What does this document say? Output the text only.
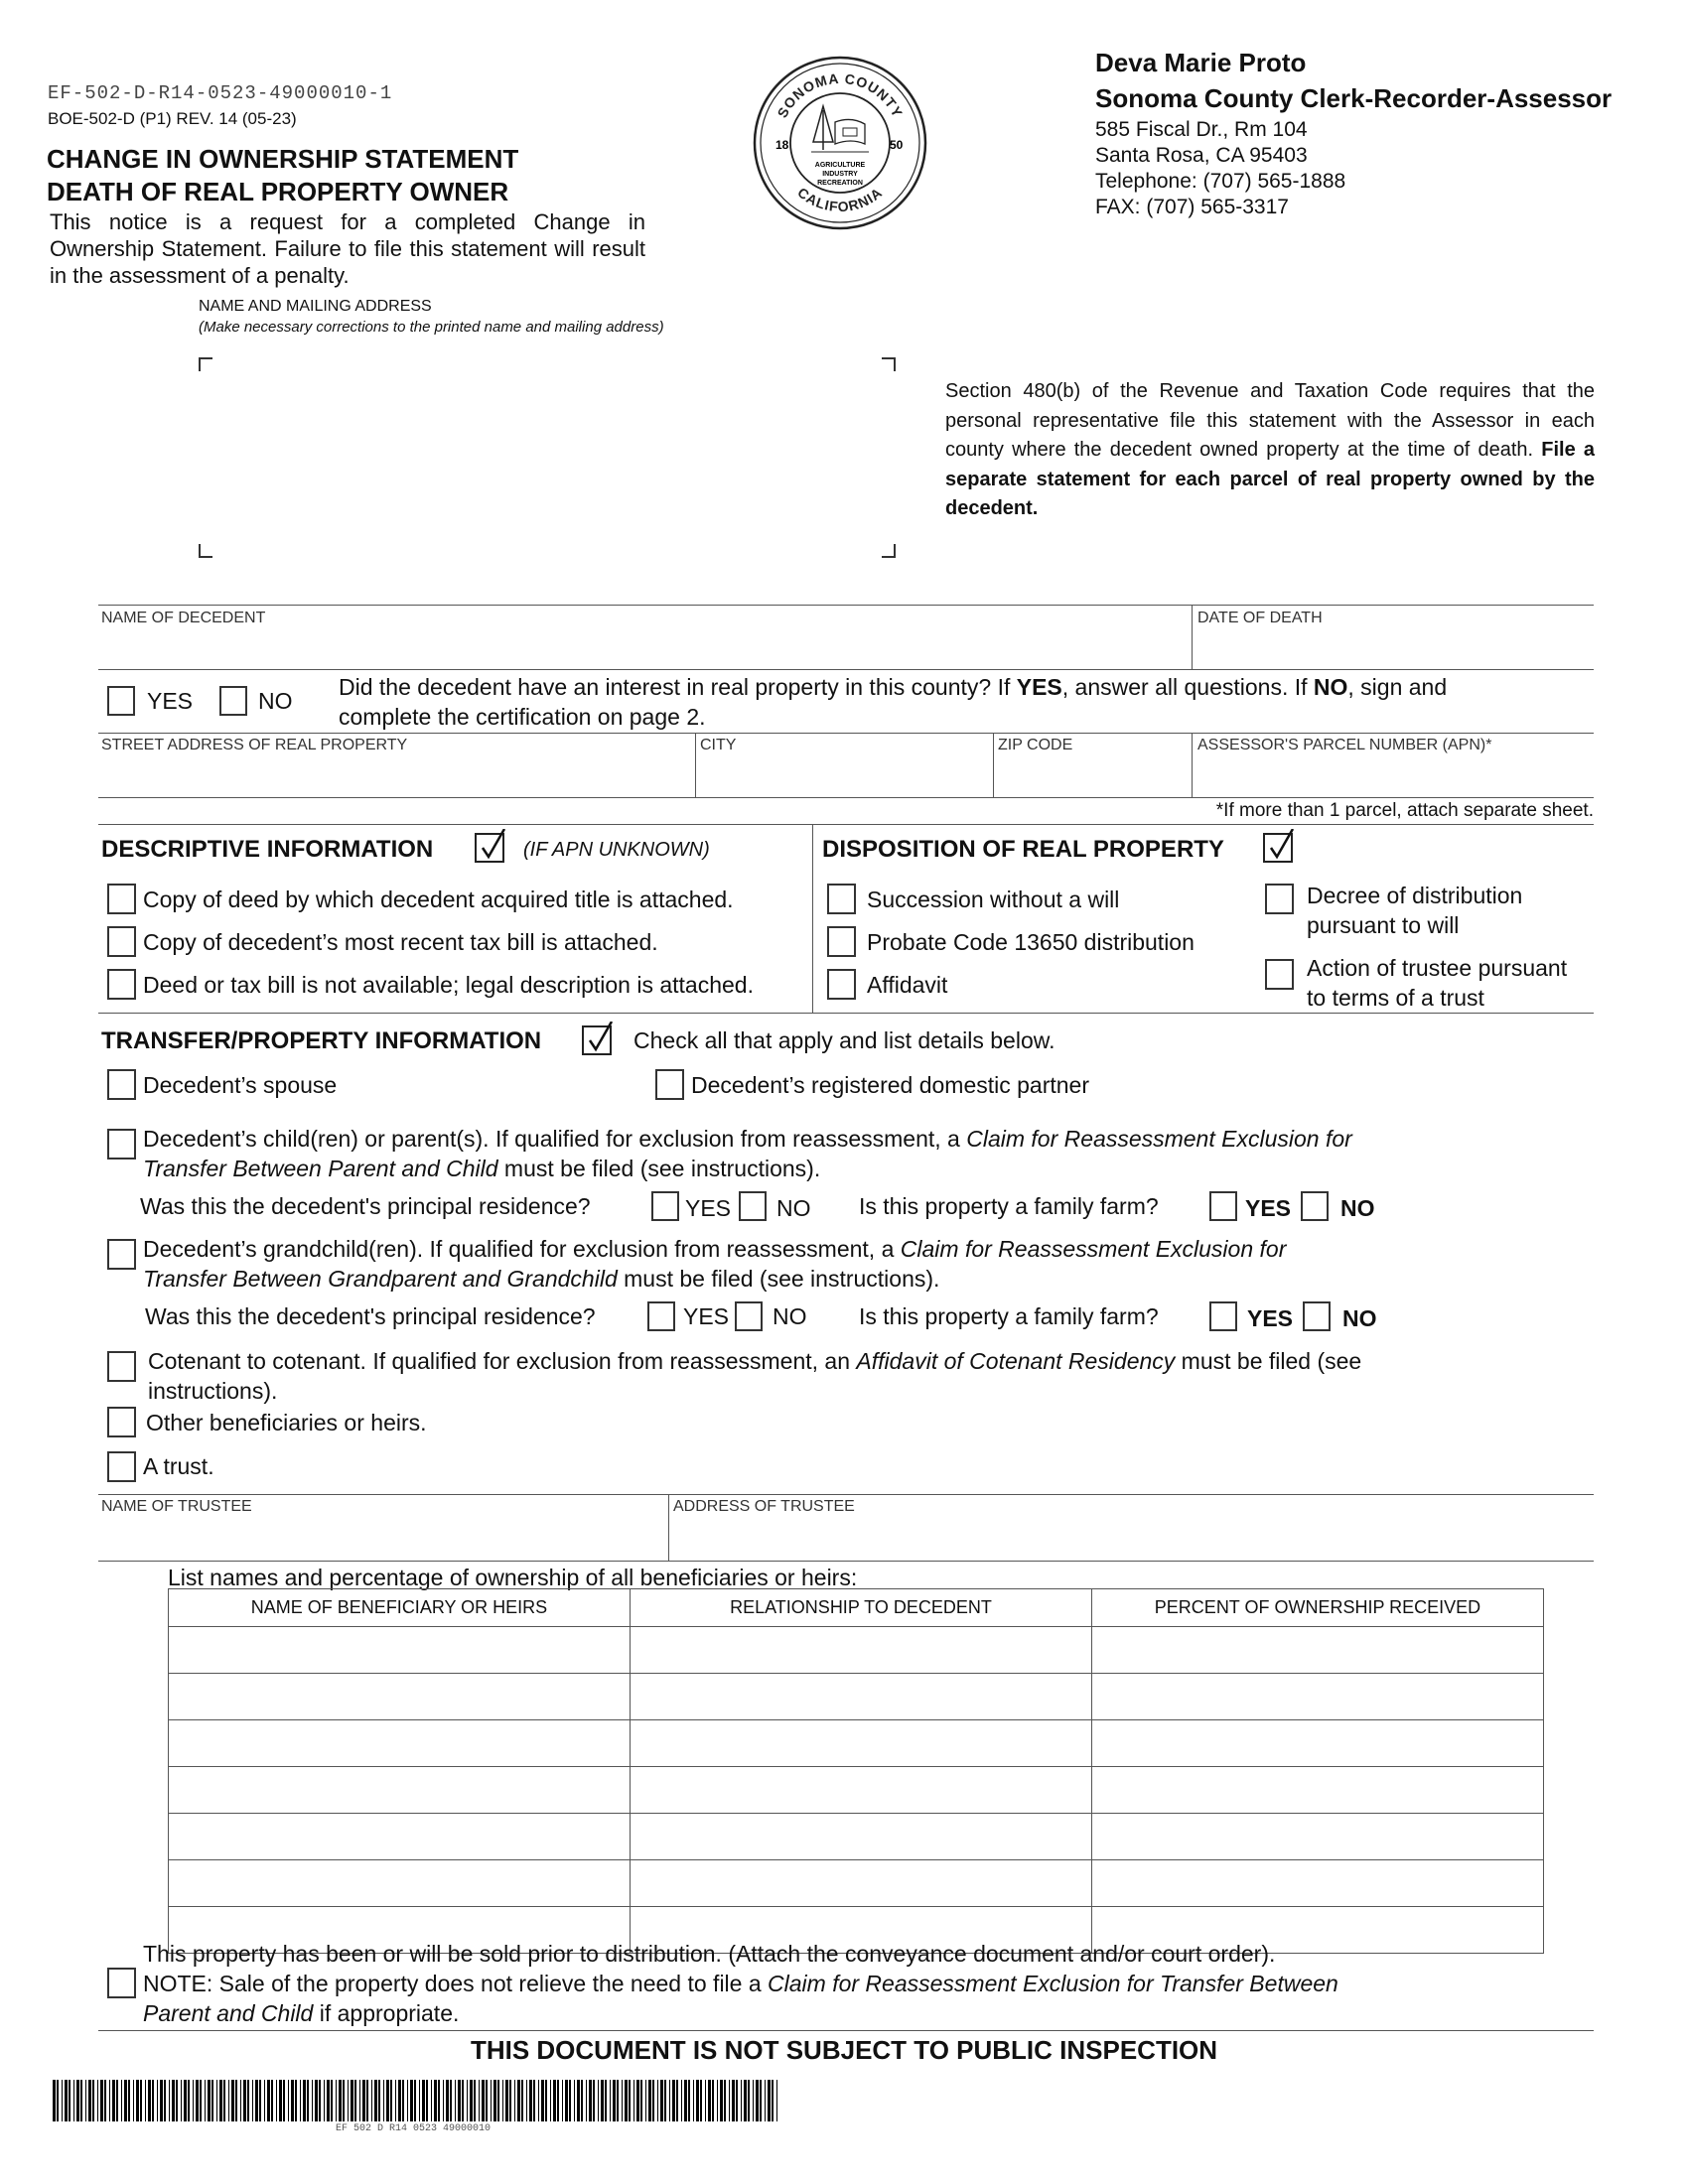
EF-502-D-R14-0523-49000010-1
BOE-502-D (P1) REV. 14 (05-23)
CHANGE IN OWNERSHIP STATEMENT
DEATH OF REAL PROPERTY OWNER
This notice is a request for a completed Change in Ownership Statement. Failure to file this statement will result in the assessment of a penalty.
SONOMA COUNTY
CALIFORNIA
18	50
AGRICULTURE
INDUSTRY
RECREATION
Deva Marie Proto
Sonoma County Clerk-Recorder-Assessor
585 Fiscal Dr., Rm 104
Santa Rosa, CA 95403
Telephone: (707) 565-1888
FAX: (707) 565-3317
NAME AND MAILING ADDRESS
(Make necessary corrections to the printed name and mailing address)
Section 480(b) of the Revenue and Taxation Code requires that the personal representative file this statement with the Assessor in each county where the decedent owned property at the time of death. File a separate statement for each parcel of real property owned by the decedent.
NAME OF DECEDENT	DATE OF DEATH
YES	NO
Did the decedent have an interest in real property in this county? If YES, answer all questions. If NO, sign and
complete the certification on page 2.
STREET ADDRESS OF REAL PROPERTY	CITY	ZIP CODE	ASSESSOR'S PARCEL NUMBER (APN)*
*If more than 1 parcel, attach separate sheet.
DESCRIPTIVE INFORMATION	(IF APN UNKNOWN)
Copy of deed by which decedent acquired title is attached.
Copy of decedent’s most recent tax bill is attached.
Deed or tax bill is not available; legal description is attached.
DISPOSITION OF REAL PROPERTY
Succession without a will
Probate Code 13650 distribution
Affidavit
Decree of distribution
pursuant to will
Action of trustee pursuant
to terms of a trust
TRANSFER/PROPERTY INFORMATION	Check all that apply and list details below.
Decedent’s spouse	Decedent’s registered domestic partner
Decedent’s child(ren) or parent(s). If qualified for exclusion from reassessment, a Claim for Reassessment Exclusion for
Transfer Between Parent and Child must be filed (see instructions).
Was this the decedent's principal residence?	YES NO Is this property a family farm?	YES NO
Decedent’s grandchild(ren). If qualified for exclusion from reassessment, a Claim for Reassessment Exclusion for
Transfer Between Grandparent and Grandchild must be filed (see instructions).
Was this the decedent's principal residence?	YES NO Is this property a family farm?	YES NO
Cotenant to cotenant. If qualified for exclusion from reassessment, an Affidavit of Cotenant Residency must be filed (see
instructions).
Other beneficiaries or heirs.
A trust.
NAME OF TRUSTEE	ADDRESS OF TRUSTEE
List names and percentage of ownership of all beneficiaries or heirs:
NAME OF BENEFICIARY OR HEIRS	RELATIONSHIP TO DECEDENT	PERCENT OF OWNERSHIP RECEIVED

This property has been or will be sold prior to distribution. (Attach the conveyance document and/or court order).
NOTE: Sale of the property does not relieve the need to file a Claim for Reassessment Exclusion for Transfer Between
Parent and Child if appropriate.
THIS DOCUMENT IS NOT SUBJECT TO PUBLIC INSPECTION
EF 502 D R14 0523 49000010
